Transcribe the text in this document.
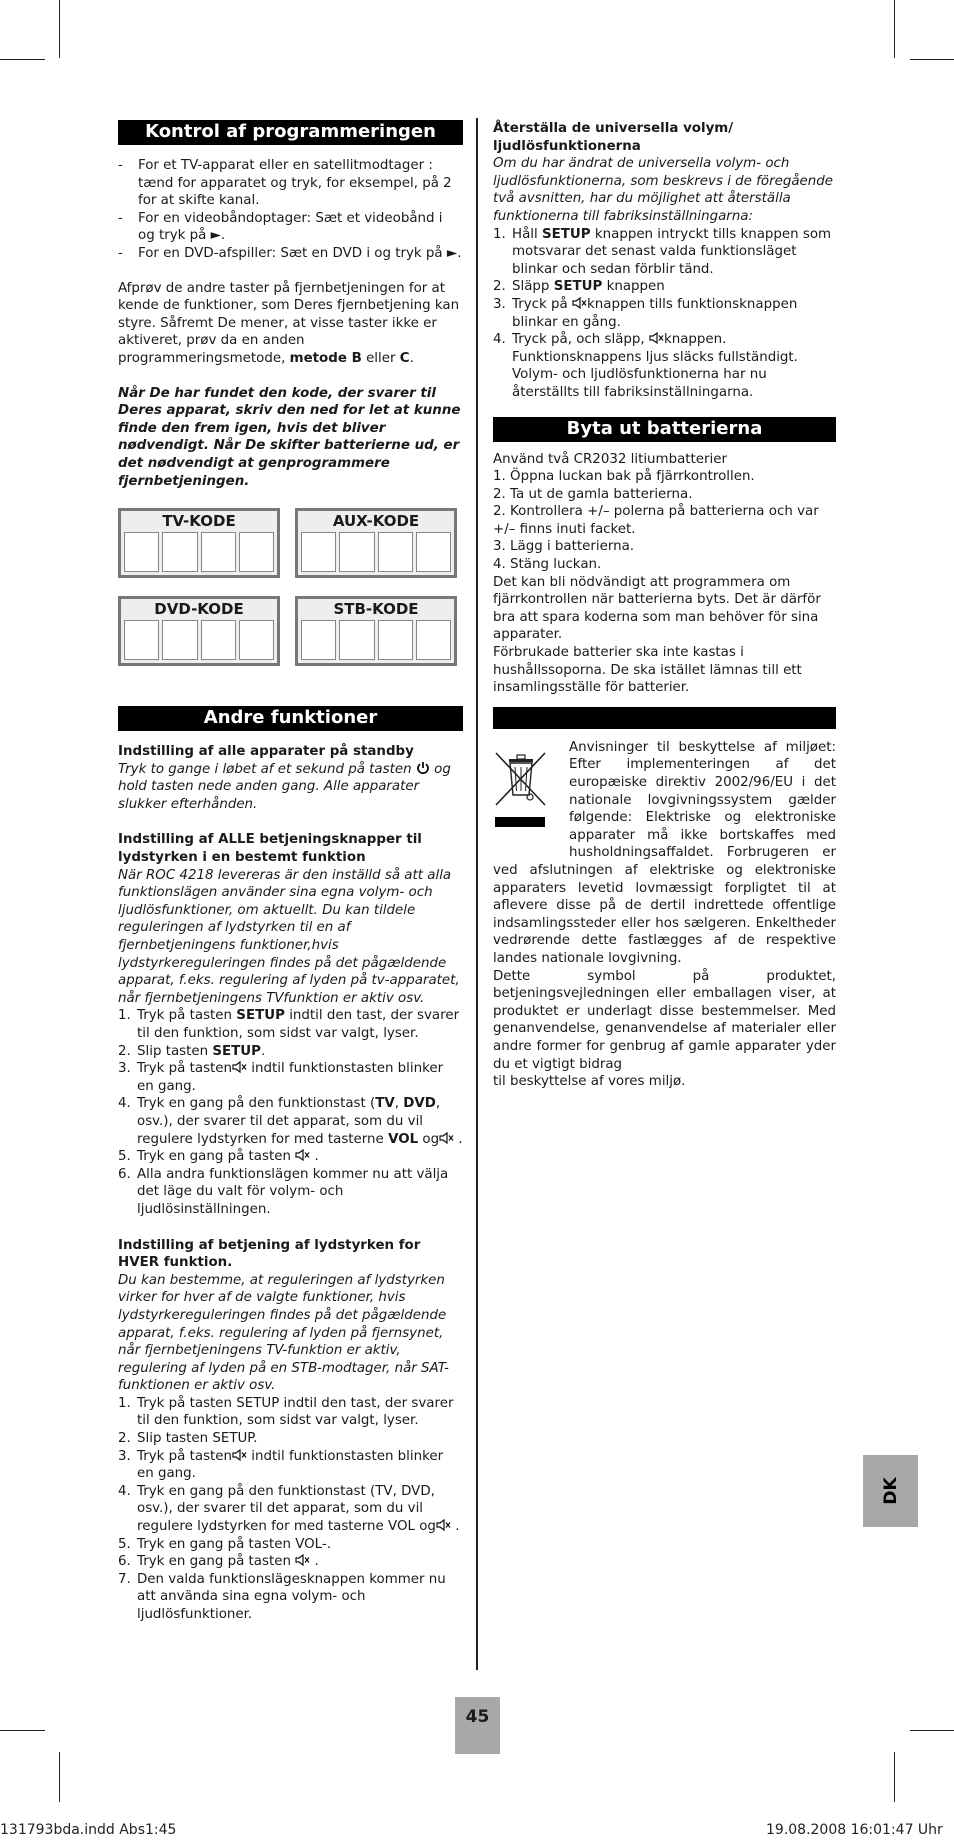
Kontrol af programmeringen
- For et TV-apparat eller en satellitmodtager : tænd for apparatet og tryk, for eksempel, på 2 for at skifte kanal.
- For en videobåndoptager: Sæt et videobånd i og tryk på ►.
- For en DVD-afspiller: Sæt en DVD i og tryk på ►.

Afprøv de andre taster på fjernbetjeningen for at kende de funktioner, som Deres fjernbetjening kan styre. Såfremt De mener, at visse taster ikke er aktiveret, prøv da en anden programmeringsmetode, metode B eller C.

Når De har fundet den kode, der svarer til Deres apparat, skriv den ned for let at kunne finde den frem igen, hvis det bliver nødvendigt. Når De skifter batterierne ud, er det nødvendigt at genprogrammere fjernbetjeningen.

TV-KODE	AUX-KODE
DVD-KODE	STB-KODE
Andre funktioner

Indstilling af alle apparater på standby

Tryk to gange i løbet af et sekund på tasten og hold tasten nede anden gang. Alle apparater slukker efterhånden.

Indstilling af ALLE betjeningsknapper til lydstyrken i en bestemt funktion

När ROC 4218 levereras är den inställd så att alla funktionslägen använder sina egna volym- och ljudlösfunktioner, om aktuellt. Du kan tildele reguleringen af lydstyrken til en af fjernbetjeningens funktioner,hvis lydstyrkereguleringen findes på det pågældende apparat, f.eks. regulering af lyden på tv-apparatet, når fjernbetjeningens TVfunktion er aktiv osv.

1. Tryk på tasten SETUP indtil den tast, der svarer til den funktion, som sidst var valgt, lyser.
2. Slip tasten SETUP.
3. Tryk på tasten indtil funktionstasten blinker en gang.
4. Tryk en gang på den funktionstast (TV, DVD, osv.), der svarer til det apparat, som du vil regulere lydstyrken for med tasterne VOL og .
5. Tryk en gang på tasten .
6. Alla andra funktionslägen kommer nu att välja det läge du valt för volym- och ljudlösinställningen.

Indstilling af betjening af lydstyrken for HVER funktion.

Du kan bestemme, at reguleringen af lydstyrken virker for hver af de valgte funktioner, hvis lydstyrkereguleringen findes på det pågældende apparat, f.eks. regulering af lyden på fjernsynet, når fjernbetjeningens TV-funktion er aktiv, regulering af lyden på en STB-modtager, når SAT-funktionen er aktiv osv.

1. Tryk på tasten SETUP indtil den tast, der svarer til den funktion, som sidst var valgt, lyser.
2. Slip tasten SETUP.
3. Tryk på tasten indtil funktionstasten blinker en gang.
4. Tryk en gang på den funktionstast (TV, DVD, osv.), der svarer til det apparat, som du vil regulere lydstyrken for med tasterne VOL og .
5. Tryk en gang på tasten VOL-.
6. Tryk en gang på tasten .
7. Den valda funktionslägesknappen kommer nu att använda sina egna volym- och ljudlösfunktioner.

Återställa de universella volym/ ljudlösfunktionerna

Om du har ändrat de universella volym- och ljudlösfunktionerna, som beskrevs i de föregående två avsnitten, har du möjlighet att återställa funktionerna till fabriksinställningarna:

1. Håll SETUP knappen intryckt tills knappen som motsvarar det senast valda funktionsläget blinkar och sedan förblir tänd.
2. Släpp SETUP knappen
3. Tryck på knappen tills funktionsknappen blinkar en gång.
4. Tryck på, och släpp, knappen.
Funktionsknappens ljus släcks fullständigt.
Volym- och ljudlösfunktionerna har nu återställts till fabriksinställningarna.
Byta ut batterierna

Använd två CR2032 litiumbatterier
1. Öppna luckan bak på fjärrkontrollen.
2. Ta ut de gamla batterierna.
2. Kontrollera +/– polerna på batterierna och var
+/– finns inuti facket.
3. Lägg i batterierna.
4. Stäng luckan.

Det kan bli nödvändigt att programmera om fjärrkontrollen när batterierna byts. Det är därför bra att spara koderna som man behöver för sina apparater.

Förbrukade batterier ska inte kastas i hushållssoporna. De ska istället lämnas till ett insamlingsställe för batterier.

Anvisninger til beskyttelse af miljøet: Efter implementeringen af det europæiske direktiv 2002/96/EU i det nationale lovgivningssystem gælder følgende: Elektriske og elektroniske apparater må ikke bortskaffes med husholdningsaffaldet. Forbrugeren er ved afslutningen af elektriske og elektroniske apparaters levetid lovmæssigt forpligtet til at aflevere disse på de dertil indrettede offentlige indsamlingssteder eller hos sælgeren. Enkeltheder vedrørende dette fastlægges af de respektive landes nationale lovgivning.

Dette symbol på produktet, betjeningsvejledningen eller emballagen viser, at produktet er underlagt disse bestemmelser. Med genanvendelse, genanvendelse af materialer eller andre former for genbrug af gamle apparater yder du et vigtigt bidrag

til beskyttelse af vores miljø.

DK
45
131793bda.indd Abs1:45	19.08.2008 16:01:47 Uhr
